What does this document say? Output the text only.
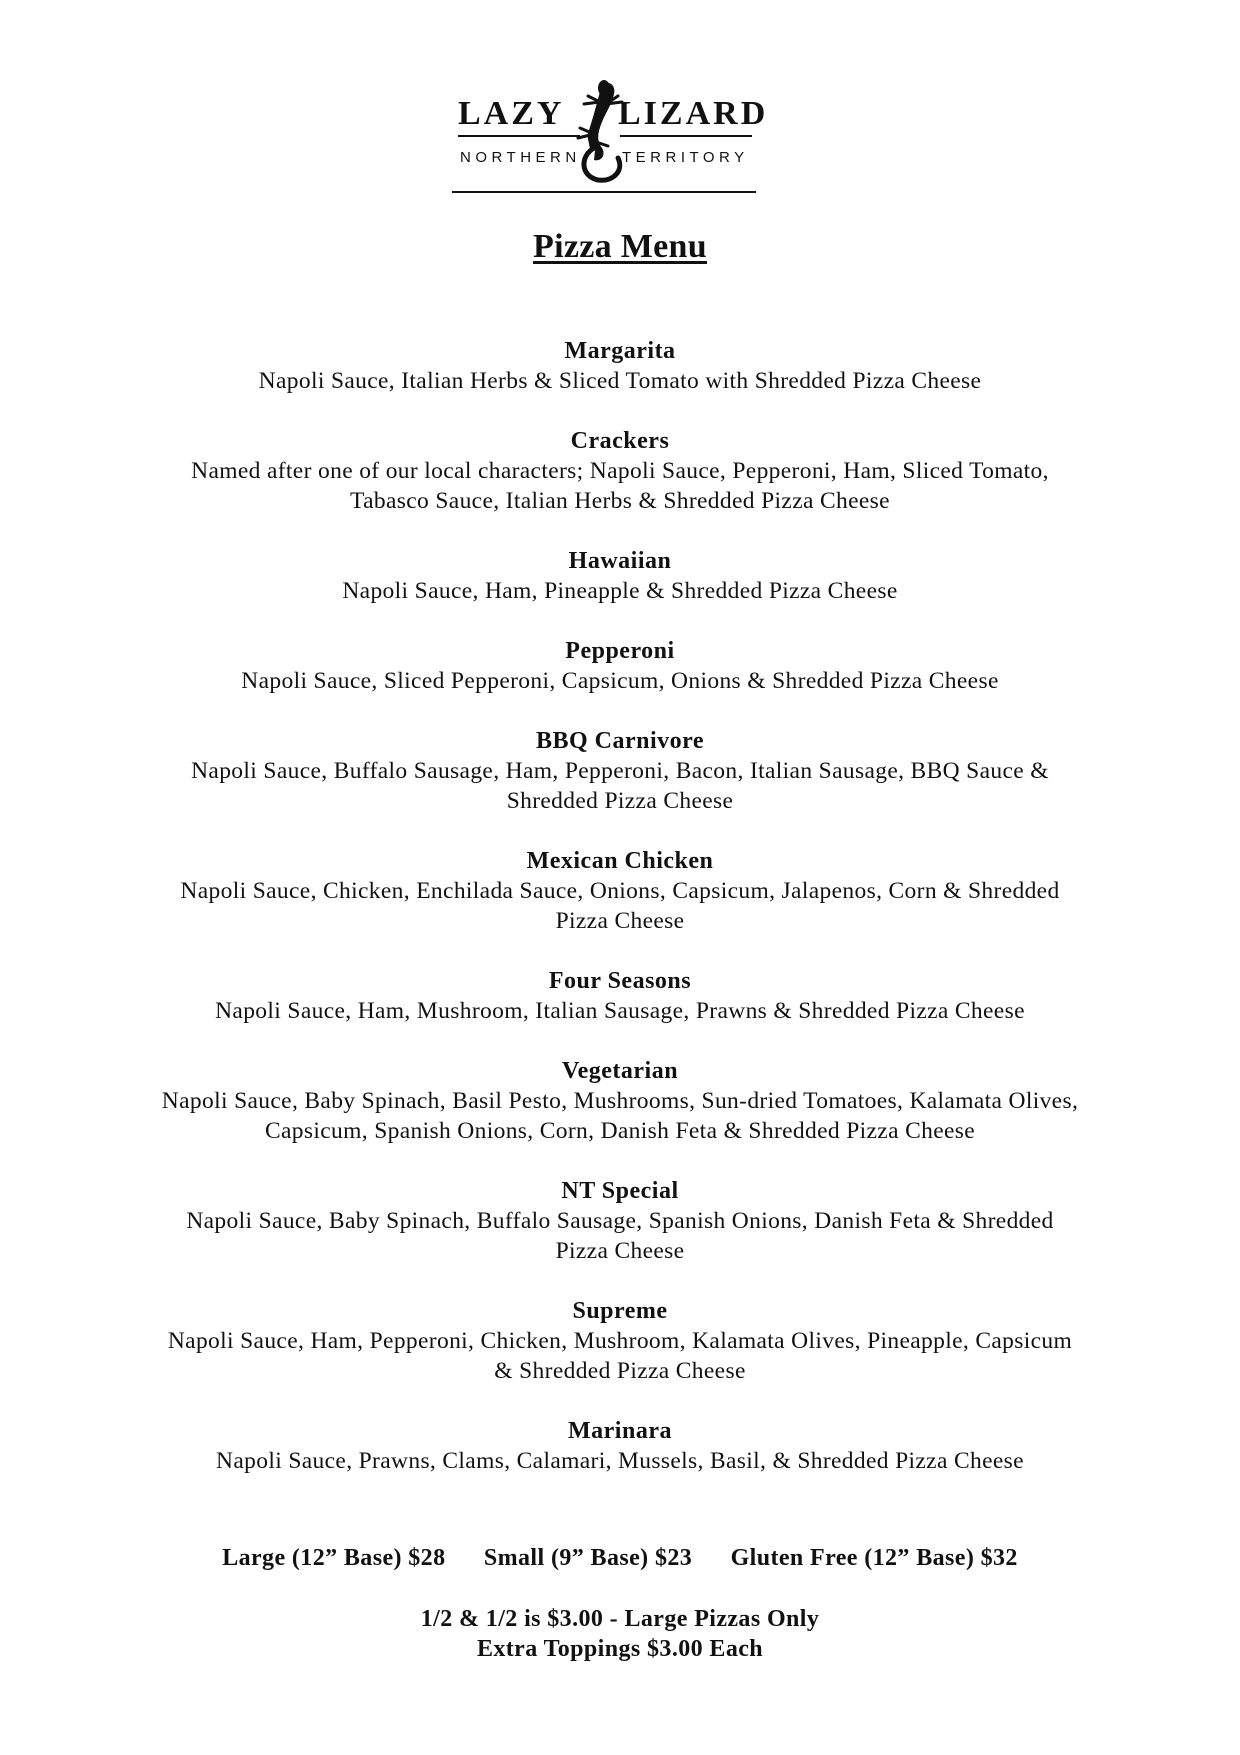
LAZY LIZARD
NORTHERN	TERRITORY
Pizza Menu
Margarita
Napoli Sauce, Italian Herbs & Sliced Tomato with Shredded Pizza Cheese
Crackers
Named after one of our local characters; Napoli Sauce, Pepperoni, Ham, Sliced Tomato,
Tabasco Sauce, Italian Herbs & Shredded Pizza Cheese
Hawaiian
Napoli Sauce, Ham, Pineapple & Shredded Pizza Cheese
Pepperoni
Napoli Sauce, Sliced Pepperoni, Capsicum, Onions & Shredded Pizza Cheese
BBQ Carnivore
Napoli Sauce, Buffalo Sausage, Ham, Pepperoni, Bacon, Italian Sausage, BBQ Sauce &
Shredded Pizza Cheese
Mexican Chicken
Napoli Sauce, Chicken, Enchilada Sauce, Onions, Capsicum, Jalapenos, Corn & Shredded
Pizza Cheese
Four Seasons
Napoli Sauce, Ham, Mushroom, Italian Sausage, Prawns & Shredded Pizza Cheese
Vegetarian
Napoli Sauce, Baby Spinach, Basil Pesto, Mushrooms, Sun-dried Tomatoes, Kalamata Olives,
Capsicum, Spanish Onions, Corn, Danish Feta & Shredded Pizza Cheese
NT Special
Napoli Sauce, Baby Spinach, Buffalo Sausage, Spanish Onions, Danish Feta & Shredded
Pizza Cheese
Supreme
Napoli Sauce, Ham, Pepperoni, Chicken, Mushroom, Kalamata Olives, Pineapple, Capsicum
& Shredded Pizza Cheese
Marinara
Napoli Sauce, Prawns, Clams, Calamari, Mussels, Basil, & Shredded Pizza Cheese
Large (12” Base) $28 Small (9” Base) $23 Gluten Free (12” Base) $32
1/2 & 1/2 is $3.00 - Large Pizzas Only
Extra Toppings $3.00 Each
